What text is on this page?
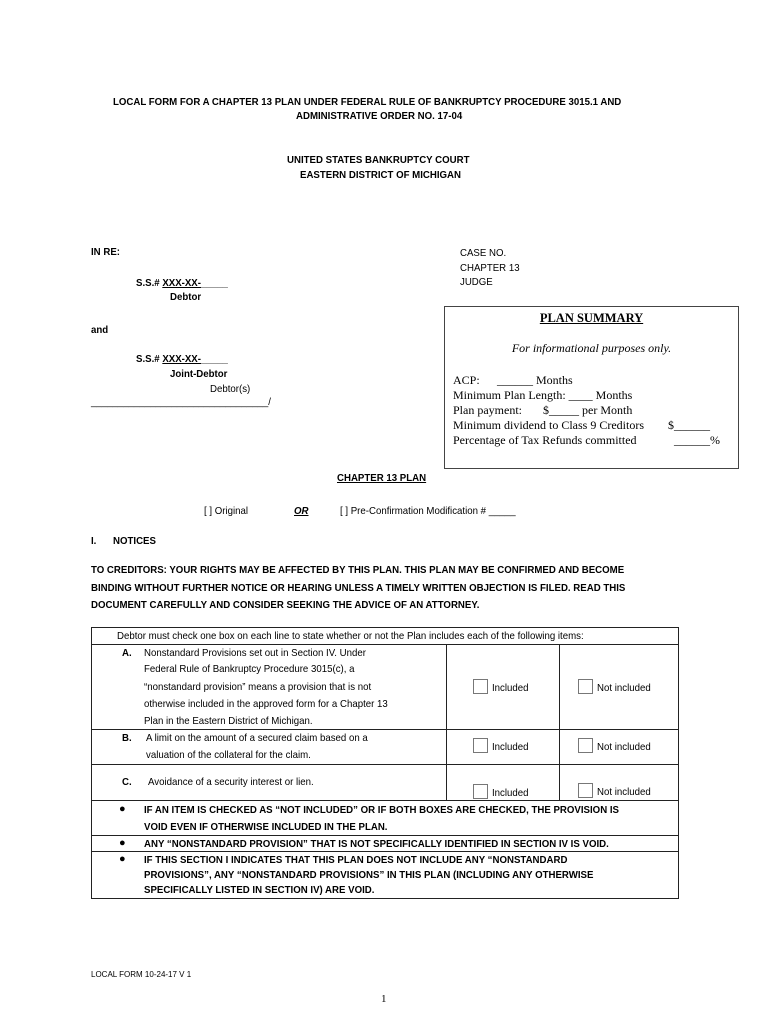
LOCAL FORM FOR A CHAPTER 13 PLAN UNDER FEDERAL RULE OF BANKRUPTCY PROCEDURE 3015.1 AND
ADMINISTRATIVE ORDER NO. 17-04
UNITED STATES BANKRUPTCY COURT
EASTERN DISTRICT OF MICHIGAN
IN RE:
S.S.# XXX-XX-_____
Debtor
and
S.S.# XXX-XX-_____
Joint-Debtor
Debtor(s)
_________________________________/
CASE NO.
CHAPTER 13
JUDGE
PLAN SUMMARY
For informational purposes only.
ACP: ______ Months
Minimum Plan Length: ____ Months
Plan payment: $_____ per Month
Minimum dividend to Class 9 Creditors $______
Percentage of Tax Refunds committed	______%
CHAPTER 13 PLAN
[ ] Original	OR	[ ] Pre-Confirmation Modification # _____
I. NOTICES
TO CREDITORS: YOUR RIGHTS MAY BE AFFECTED BY THIS PLAN. THIS PLAN MAY BE CONFIRMED AND BECOME
BINDING WITHOUT FURTHER NOTICE OR HEARING UNLESS A TIMELY WRITTEN OBJECTION IS FILED. READ THIS
DOCUMENT CAREFULLY AND CONSIDER SEEKING THE ADVICE OF AN ATTORNEY.
Debtor must check one box on each line to state whether or not the Plan includes each of the following items:
A. Nonstandard Provisions set out in Section IV. Under
Federal Rule of Bankruptcy Procedure 3015(c), a
“nonstandard provision” means a provision that is not
otherwise included in the approved form for a Chapter 13
Plan in the Eastern District of Michigan.
Included	Not included
B. A limit on the amount of a secured claim based on a
valuation of the collateral for the claim.
Included	Not included
C. Avoidance of a security interest or lien.
Included	Not included
● IF AN ITEM IS CHECKED AS “NOT INCLUDED” OR IF BOTH BOXES ARE CHECKED, THE PROVISION IS
VOID EVEN IF OTHERWISE INCLUDED IN THE PLAN.
● ANY “NONSTANDARD PROVISION” THAT IS NOT SPECIFICALLY IDENTIFIED IN SECTION IV IS VOID.
● IF THIS SECTION I INDICATES THAT THIS PLAN DOES NOT INCLUDE ANY “NONSTANDARD
PROVISIONS”, ANY “NONSTANDARD PROVISIONS” IN THIS PLAN (INCLUDING ANY OTHERWISE
SPECIFICALLY LISTED IN SECTION IV) ARE VOID.
LOCAL FORM 10-24-17 V 1
1
